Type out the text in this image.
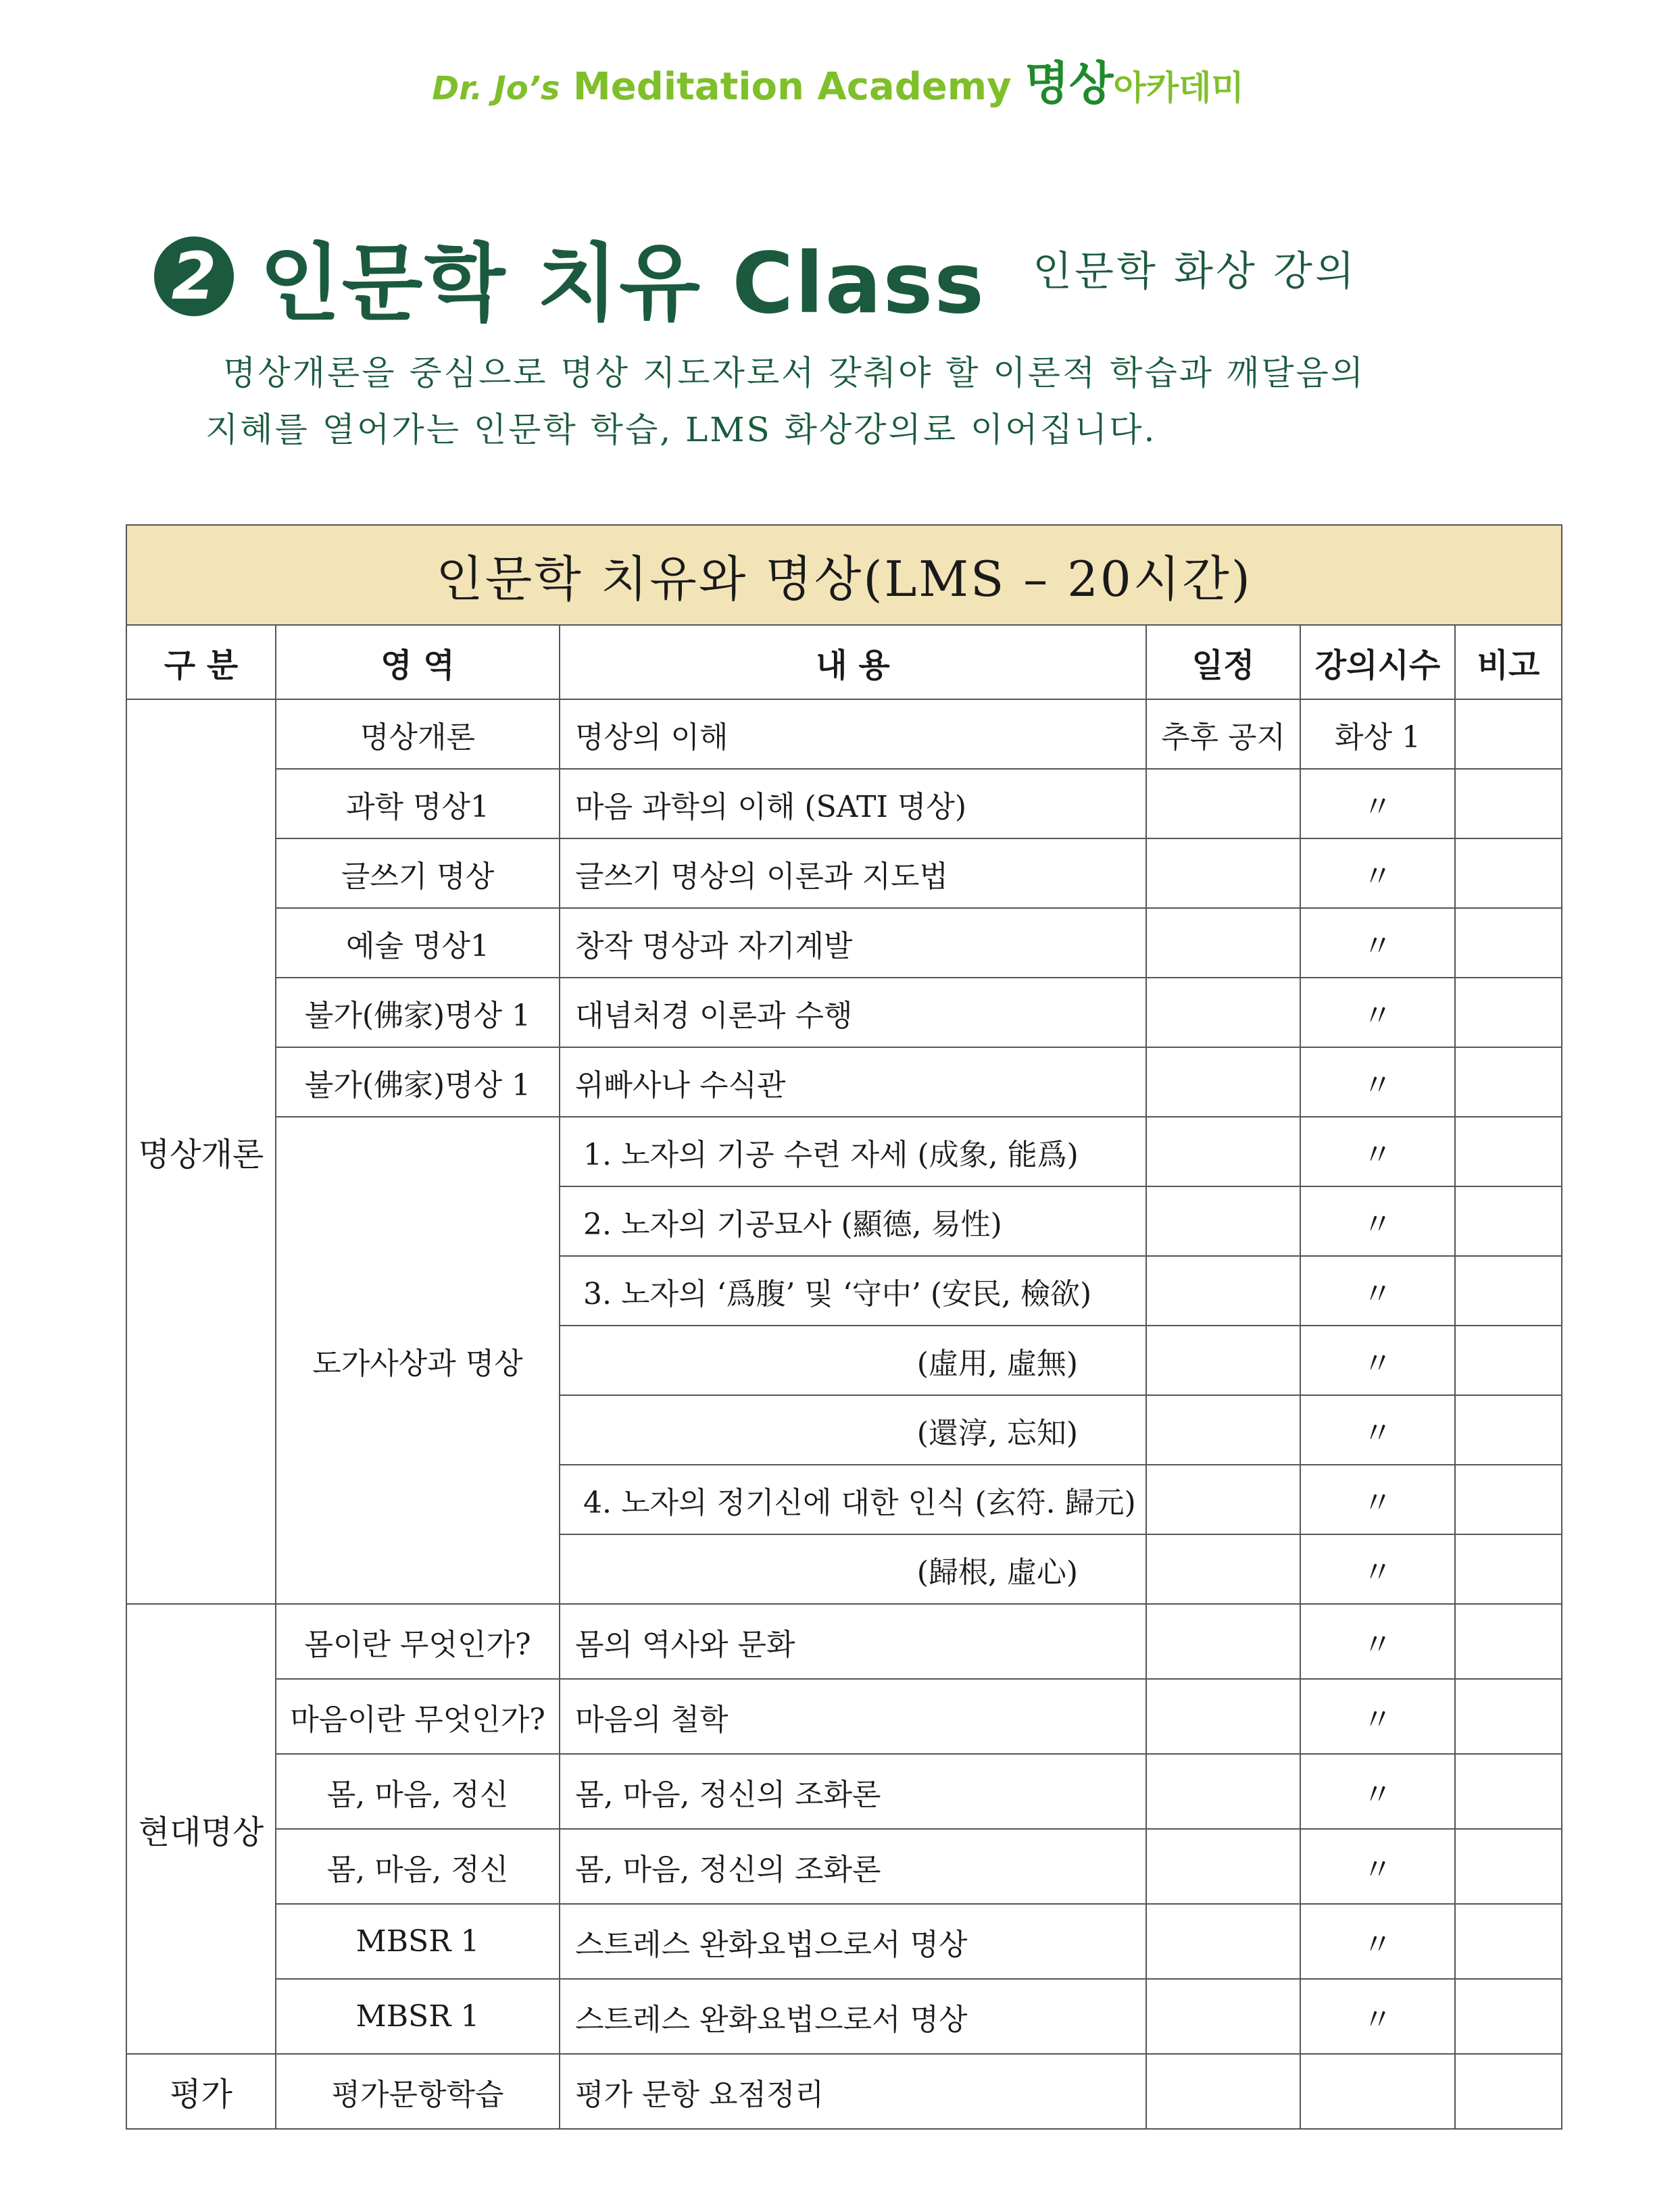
Dr. Jo’s Meditation Academy 명상아카데미
2 인문학 치유 Class 인문학 화상 강의
명상개론을 중심으로 명상 지도자로서 갖춰야 할 이론적 학습과 깨달음의
지혜를 열어가는 인문학 학습, LMS 화상강의로 이어집니다.
인문학 치유와 명상(LMS – 20시간)					
구 분	영 역	내 용	일정	강의시수	비고
명상개론	명상개론	명상의 이해	추후 공지	화상 1	
	과학 명상1	마음 과학의 이해 (SATI 명상)		〃	
	글쓰기 명상	글쓰기 명상의 이론과 지도법		〃	
	예술 명상1	창작 명상과 자기계발		〃	
	불가(佛家)명상 1	대념처경 이론과 수행		〃	
	불가(佛家)명상 1	위빠사나 수식관		〃	
	도가사상과 명상	1. 노자의 기공 수련 자세 (成象, 能爲)		〃	
		2. 노자의 기공묘사 (顯德, 易性)		〃	
		3. 노자의 ‘爲腹’ 및 ‘守中’ (安民, 檢欲)		〃	
		(虛用, 虛無)		〃	
		(還淳, 忘知)		〃	
		4. 노자의 정기신에 대한 인식 (玄符. 歸元)		〃	
		(歸根, 虛心)		〃	
현대명상	몸이란 무엇인가?	몸의 역사와 문화		〃	
	마음이란 무엇인가?	마음의 철학		〃	
	몸, 마음, 정신	몸, 마음, 정신의 조화론		〃	
	몸, 마음, 정신	몸, 마음, 정신의 조화론		〃	
	MBSR 1	스트레스 완화요법으로서 명상		〃	
	MBSR 1	스트레스 완화요법으로서 명상		〃	
평가	평가문항학습	평가 문항 요점정리			
